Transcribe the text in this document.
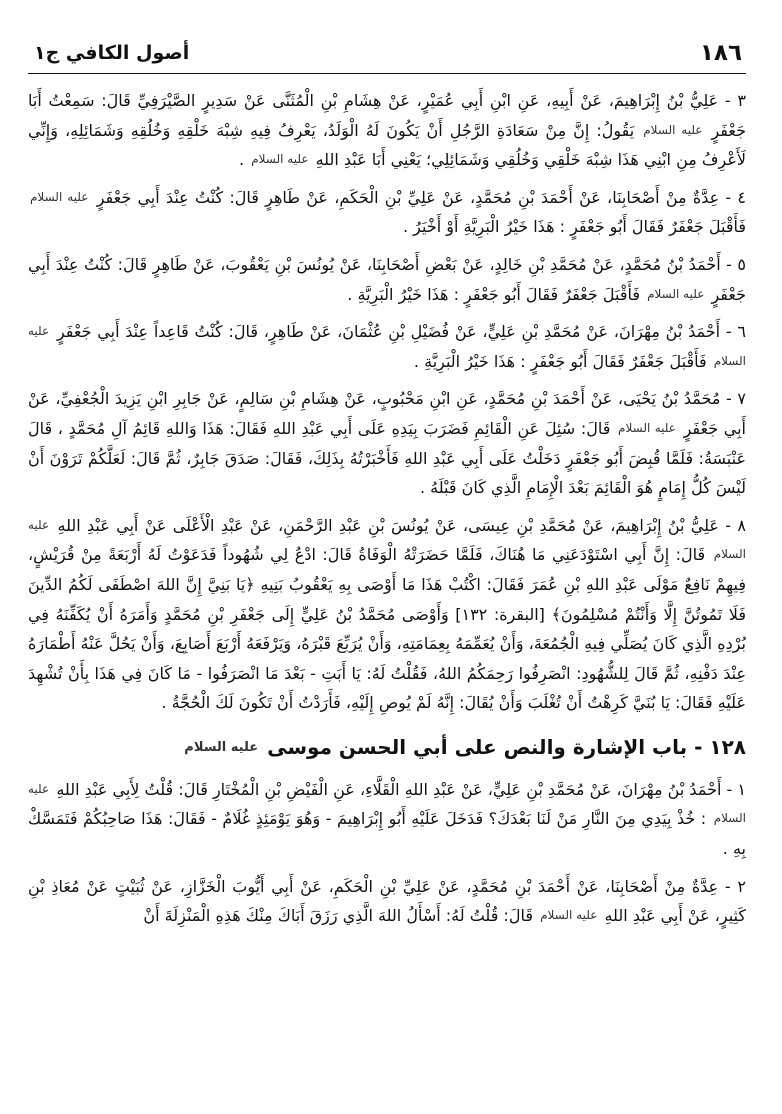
١٨٦
أصول الكافي ج١

٣ - عَلِيُّ بْنُ إِبْرَاهِيمَ، عَنْ أَبِيهِ، عَنِ ابْنِ أَبِي عُمَيْرٍ، عَنْ هِشَامِ بْنِ الْمُثَنَّى عَنْ سَدِيرٍ الصَّيْرَفِيِّ قَالَ: سَمِعْتُ أَبَا جَعْفَرٍ عليه السلام يَقُولُ: إِنَّ مِنْ سَعَادَةِ الرَّجُلِ أَنْ يَكُونَ لَهُ الْوَلَدُ، يَعْرِفُ فِيهِ شِبْهَ خَلْقِهِ وَخُلُقِهِ وَشَمَائِلِهِ، وَإِنِّي لَأَعْرِفُ مِنِ ابْنِي هَذَا شِبْهَ خَلْقِي وَخُلُقِي وَشَمَائِلِي؛ يَعْنِي أَبَا عَبْدِ اللهِ عليه السلام .

٤ - عِدَّةٌ مِنْ أَصْحَابِنَا، عَنْ أَحْمَدَ بْنِ مُحَمَّدٍ، عَنْ عَلِيِّ بْنِ الْحَكَمِ، عَنْ طَاهِرٍ قَالَ: كُنْتُ عِنْدَ أَبِي جَعْفَرٍ عليه السلام فَأَقْبَلَ جَعْفَرٌ فَقَالَ أَبُو جَعْفَرٍ : هَذَا خَيْرُ الْبَرِيَّةِ أَوْ أَخْيَرُ .

٥ - أَحْمَدُ بْنُ مُحَمَّدٍ، عَنْ مُحَمَّدِ بْنِ خَالِدٍ، عَنْ بَعْضِ أَصْحَابِنَا، عَنْ يُونُسَ بْنِ يَعْقُوبَ، عَنْ طَاهِرٍ قَالَ: كُنْتُ عِنْدَ أَبِي جَعْفَرٍ عليه السلام فَأَقْبَلَ جَعْفَرٌ فَقَالَ أَبُو جَعْفَرٍ : هَذَا خَيْرُ الْبَرِيَّةِ .

٦ - أَحْمَدُ بْنُ مِهْرَانَ، عَنْ مُحَمَّدِ بْنِ عَلِيٍّ، عَنْ فُضَيْلِ بْنِ عُثْمَانَ، عَنْ طَاهِرٍ، قَالَ: كُنْتُ قَاعِداً عِنْدَ أَبِي جَعْفَرٍ عليه السلام فَأَقْبَلَ جَعْفَرٌ فَقَالَ أَبُو جَعْفَرٍ : هَذَا خَيْرُ الْبَرِيَّةِ .

٧ - مُحَمَّدُ بْنُ يَحْيَى، عَنْ أَحْمَدَ بْنِ مُحَمَّدٍ، عَنِ ابْنِ مَحْبُوبٍ، عَنْ هِشَامِ بْنِ سَالِمٍ، عَنْ جَابِرِ ابْنِ يَزِيدَ الْجُعْفِيِّ، عَنْ أَبِي جَعْفَرٍ عليه السلام قَالَ: سُئِلَ عَنِ الْقَائِمِ فَضَرَبَ بِيَدِهِ عَلَى أَبِي عَبْدِ اللهِ فَقَالَ: هَذَا وَاللهِ قَائِمُ آلِ مُحَمَّدٍ ، قَالَ عَنْبَسَةُ: فَلَمَّا قُبِضَ أَبُو جَعْفَرٍ دَخَلْتُ عَلَى أَبِي عَبْدِ اللهِ فَأَخْبَرْتُهُ بِذَلِكَ، فَقَالَ: صَدَقَ جَابِرٌ، ثُمَّ قَالَ: لَعَلَّكُمْ تَرَوْنَ أَنْ لَيْسَ كُلُّ إِمَامٍ هُوَ الْقَائِمَ بَعْدَ الْإِمَامِ الَّذِي كَانَ قَبْلَهُ .

٨ - عَلِيُّ بْنُ إِبْرَاهِيمَ، عَنْ مُحَمَّدِ بْنِ عِيسَى، عَنْ يُونُسَ بْنِ عَبْدِ الرَّحْمَنِ، عَنْ عَبْدِ الْأَعْلَى عَنْ أَبِي عَبْدِ اللهِ عليه السلام قَالَ: إِنَّ أَبِي اسْتَوْدَعَنِي مَا هُنَاكَ، فَلَمَّا حَضَرَتْهُ الْوَفَاةُ قَالَ: ادْعُ لِي شُهُوداً فَدَعَوْتُ لَهُ أَرْبَعَةً مِنْ قُرَيْشٍ، فِيهِمْ نَافِعٌ مَوْلَى عَبْدِ اللهِ بْنِ عُمَرَ فَقَالَ: اكْتُبْ هَذَا مَا أَوْصَى بِهِ يَعْقُوبُ بَنِيهِ ﴿يَا بَنِيَّ إِنَّ اللهَ اصْطَفَى لَكُمُ الدِّينَ فَلَا تَمُوتُنَّ إِلَّا وَأَنْتُمْ مُسْلِمُونَ﴾ [البقرة: ١٣٢] وَأَوْصَى مُحَمَّدُ بْنُ عَلِيٍّ إِلَى جَعْفَرِ بْنِ مُحَمَّدٍ وَأَمَرَهُ أَنْ يُكَفِّنَهُ فِي بُرْدِهِ الَّذِي كَانَ يُصَلِّي فِيهِ الْجُمُعَةَ، وَأَنْ يُعَمِّمَهُ بِعِمَامَتِهِ، وَأَنْ يُرَبِّعَ قَبْرَهُ، وَيَرْفَعَهُ أَرْبَعَ أَصَابِعَ، وَأَنْ يَحُلَّ عَنْهُ أَطْمَارَهُ عِنْدَ دَفْنِهِ، ثُمَّ قَالَ لِلشُّهُودِ: انْصَرِفُوا رَحِمَكُمُ اللهُ، فَقُلْتُ لَهُ: يَا أَبَتِ - بَعْدَ مَا انْصَرَفُوا - مَا كَانَ فِي هَذَا بِأَنْ تُشْهِدَ عَلَيْهِ فَقَالَ: يَا بُنَيَّ كَرِهْتُ أَنْ تُغْلَبَ وَأَنْ يُقَالَ: إِنَّهُ لَمْ يُوصِ إِلَيْهِ، فَأَرَدْتُ أَنْ تَكُونَ لَكَ الْحُجَّةُ .

١٢٨ - باب الإشارة والنص على أبي الحسن موسى عليه السلام

١ - أَحْمَدُ بْنُ مِهْرَانَ، عَنْ مُحَمَّدِ بْنِ عَلِيٍّ، عَنْ عَبْدِ اللهِ الْقَلَّاءِ، عَنِ الْفَيْضِ بْنِ الْمُخْتَارِ قَالَ: قُلْتُ لِأَبِي عَبْدِ اللهِ عليه السلام : خُذْ بِيَدِي مِنَ النَّارِ مَنْ لَنَا بَعْدَكَ؟ فَدَخَلَ عَلَيْهِ أَبُو إِبْرَاهِيمَ - وَهُوَ يَوْمَئِذٍ غُلَامٌ - فَقَالَ: هَذَا صَاحِبُكُمْ فَتَمَسَّكْ بِهِ .

٢ - عِدَّةٌ مِنْ أَصْحَابِنَا، عَنْ أَحْمَدَ بْنِ مُحَمَّدٍ، عَنْ عَلِيِّ بْنِ الْحَكَمِ، عَنْ أَبِي أَيُّوبَ الْخَزَّازِ، عَنْ ثُبَيْتٍ عَنْ مُعَاذِ بْنِ كَثِيرٍ، عَنْ أَبِي عَبْدِ اللهِ عليه السلام قَالَ: قُلْتُ لَهُ: أَسْأَلُ اللهَ الَّذِي رَزَقَ أَبَاكَ مِنْكَ هَذِهِ الْمَنْزِلَةَ أَنْ
